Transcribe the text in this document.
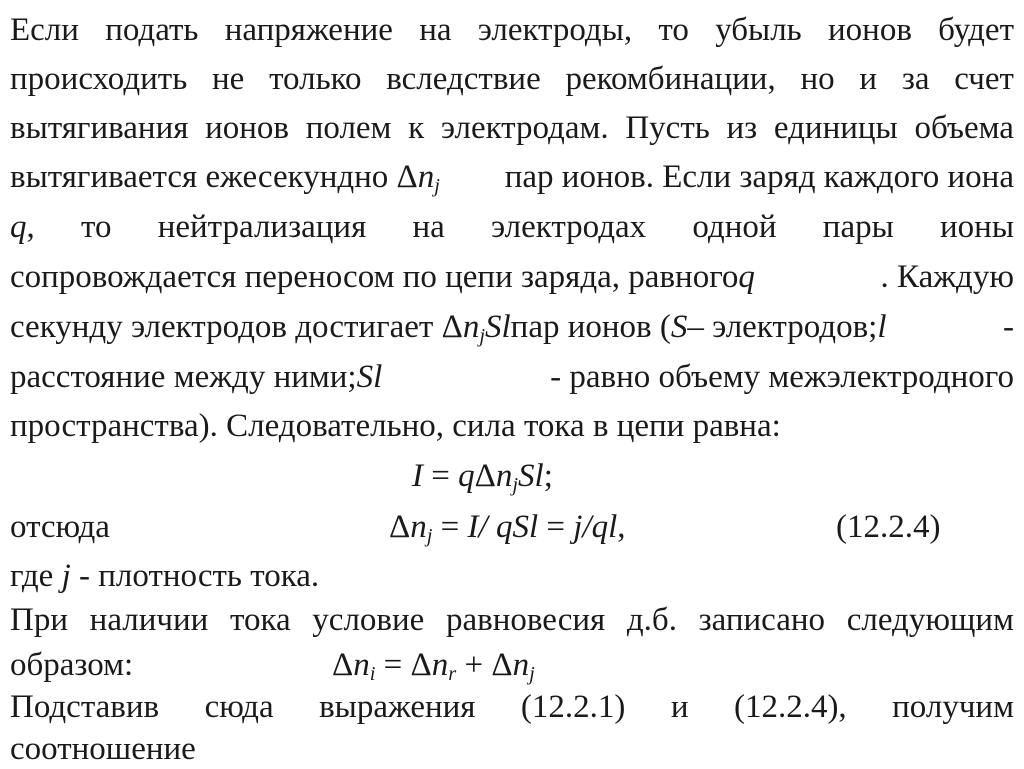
Если подать напряжение на электроды, то убыль ионов будет
происходить не только вследствие рекомбинации, но и за счет
вытягивания ионов полем к электродам. Пусть из единицы объема
вытягивается ежесекундно $\Delta n_j$ пар ионов. Если заряд каждого иона
q, то нейтрализация на электродах одной пары ионы
сопровождается переносом по цепи заряда, равногоq	. Каждую
секунду электродов достигает $\Delta n_jSlпар$ ионов (S– электродов;l	-
расстояние между ними;Sl	- равно объему межэлектродного
пространства). Следовательно, сила тока в цепи равна:
I = qΔn$_j$Sl;
отсюда	$\Delta n_j = I/$ qSl = j/ql,	(12.2.4)
где j - плотность тока.
При наличии тока условие равновесия д.б. записано следующим
образом:	$\Delta n_i = \Delta n_r + \Delta n_j$
Подставив сюда выражения (12.2.1) и (12.2.4), получим
соотношение
